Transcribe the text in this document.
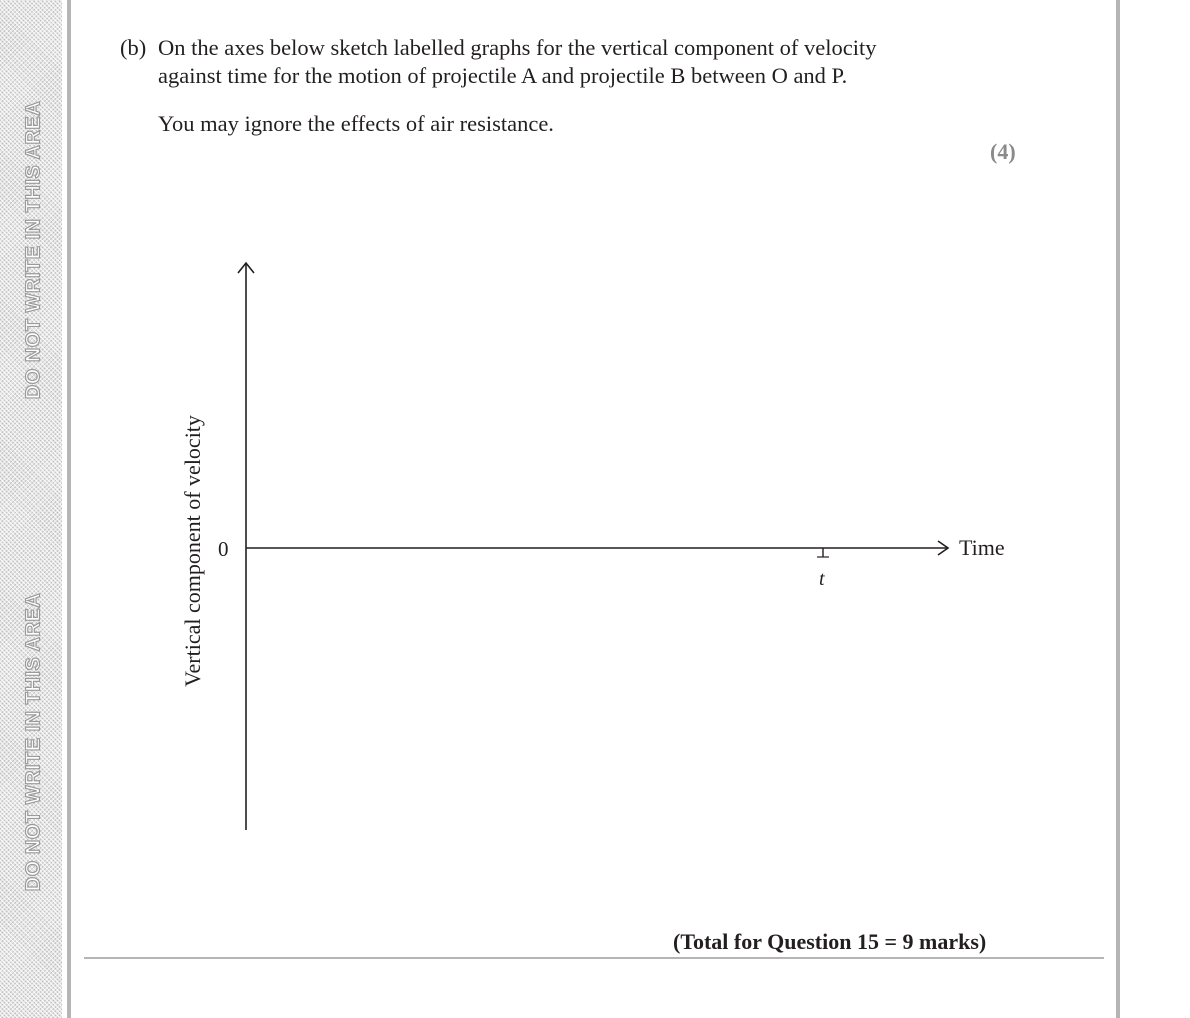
DO NOT WRITE IN THIS AREA
DO NOT WRITE IN THIS AREA
(b) On the axes below sketch labelled graphs for the vertical component of velocity
against time for the motion of projectile A and projectile B between O and P.
You may ignore the effects of air resistance.
(4)
0	Time
t
Vertical component of velocity
(Total for Question 15 = 9 marks)
